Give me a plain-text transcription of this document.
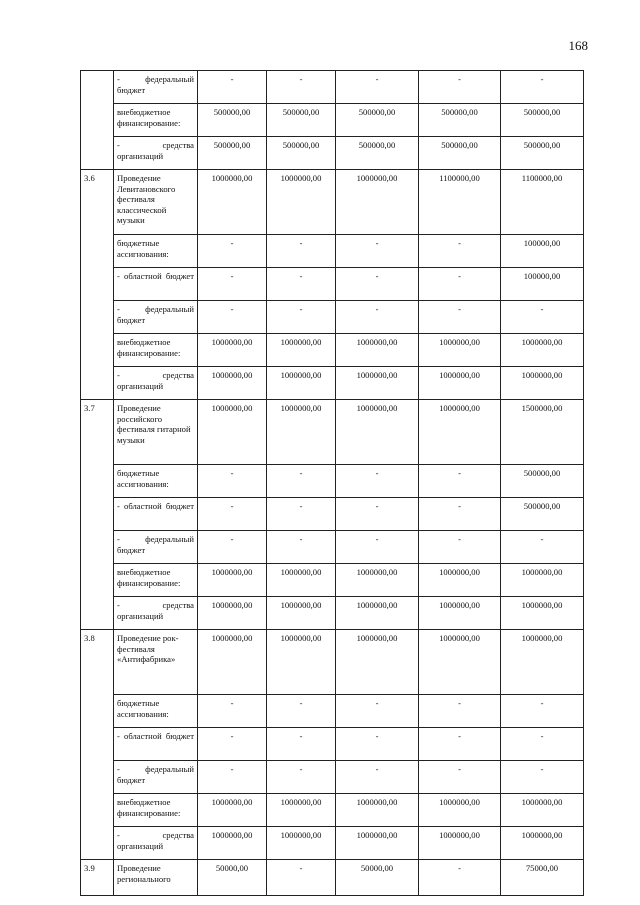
168
	- федеральный бюджет	-	-	-	-	-
	внебюджетное финансирование:	500000,00	500000,00	500000,00	500000,00	500000,00
	- средства организаций	500000,00	500000,00	500000,00	500000,00	500000,00
3.6	Проведение Левитановского фестиваля классической музыки	1000000,00	1000000,00	1000000,00	1100000,00	1100000,00
	бюджетные ассигнования:	-	-	-	-	100000,00
	- областной бюджет	-	-	-	-	100000,00
	- федеральный бюджет	-	-	-	-	-
	внебюджетное финансирование:	1000000,00	1000000,00	1000000,00	1000000,00	1000000,00
	- средства организаций	1000000,00	1000000,00	1000000,00	1000000,00	1000000,00
3.7	Проведение российского фестиваля гитарной музыки	1000000,00	1000000,00	1000000,00	1000000,00	1500000,00
	бюджетные ассигнования:	-	-	-	-	500000,00
	- областной бюджет	-	-	-	-	500000,00
	- федеральный бюджет	-	-	-	-	-
	внебюджетное финансирование:	1000000,00	1000000,00	1000000,00	1000000,00	1000000,00
	- средства организаций	1000000,00	1000000,00	1000000,00	1000000,00	1000000,00
3.8	Проведение рок-фестиваля «Антифабрика»	1000000,00	1000000,00	1000000,00	1000000,00	1000000,00
	бюджетные ассигнования:	-	-	-	-	-
	- областной бюджет	-	-	-	-	-
	- федеральный бюджет	-	-	-	-	-
	внебюджетное финансирование:	1000000,00	1000000,00	1000000,00	1000000,00	1000000,00
	- средства организаций	1000000,00	1000000,00	1000000,00	1000000,00	1000000,00
3.9	Проведение регионального	50000,00	-	50000,00	-	75000,00
